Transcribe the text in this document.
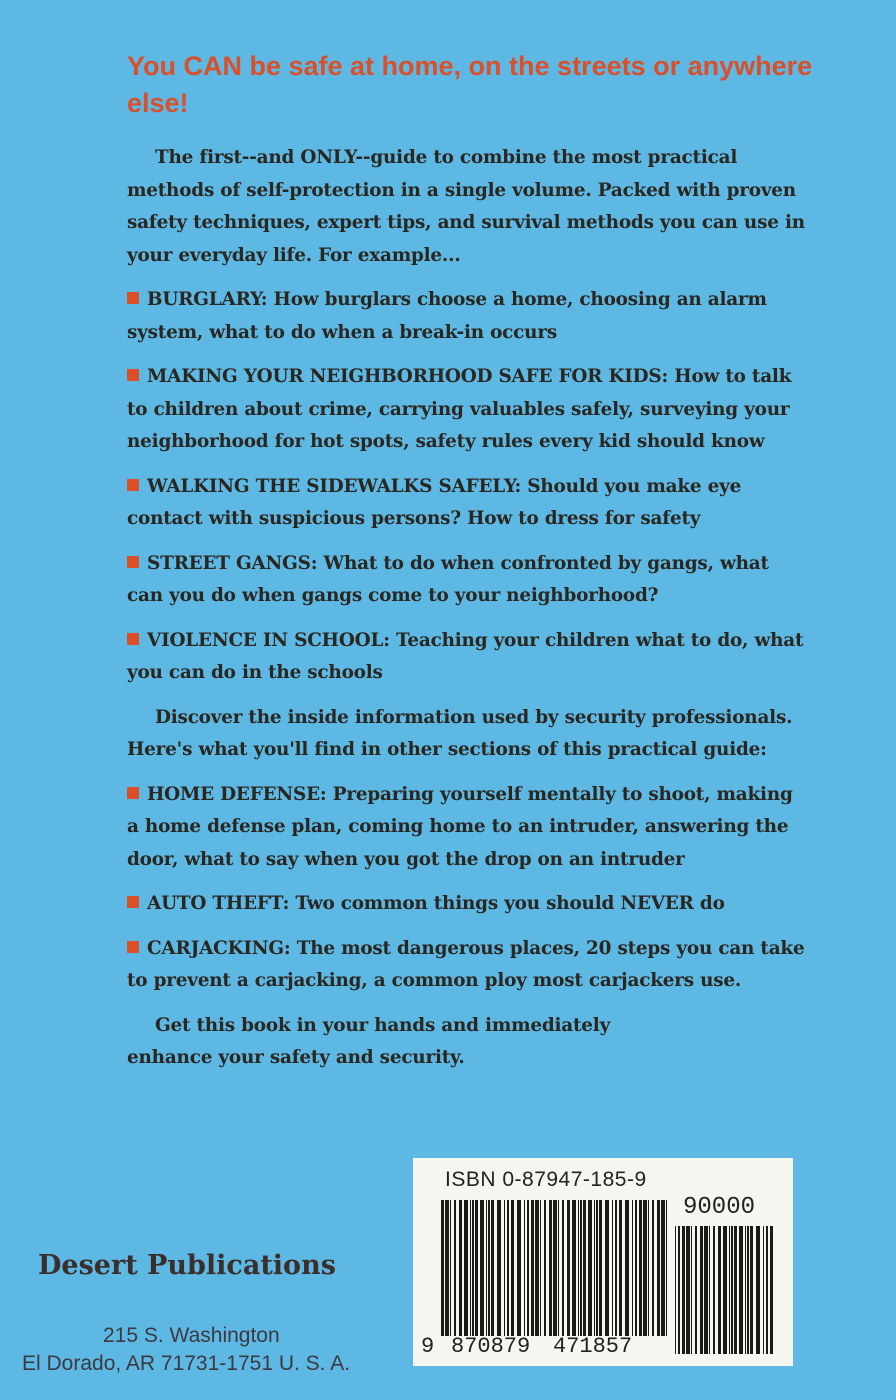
You CAN be safe at home, on the streets or anywhere else!

The first--and ONLY--guide to combine the most practical methods of self-protection in a single volume. Packed with proven safety techniques, expert tips, and survival methods you can use in your everyday life. For example...

BURGLARY: How burglars choose a home, choosing an alarm system, what to do when a break-in occurs
MAKING YOUR NEIGHBORHOOD SAFE FOR KIDS: How to talk to children about crime, carrying valuables safely, surveying your neighborhood for hot spots, safety rules every kid should know
WALKING THE SIDEWALKS SAFELY: Should you make eye contact with suspicious persons? How to dress for safety
STREET GANGS: What to do when confronted by gangs, what can you do when gangs come to your neighborhood?
VIOLENCE IN SCHOOL: Teaching your children what to do, what you can do in the schools

Discover the inside information used by security professionals. Here's what you'll find in other sections of this practical guide:

HOME DEFENSE: Preparing yourself mentally to shoot, making a home defense plan, coming home to an intruder, answering the door, what to say when you got the drop on an intruder
AUTO THEFT: Two common things you should NEVER do
CARJACKING: The most dangerous places, 20 steps you can take to prevent a carjacking, a common ploy most carjackers use.

Get this book in your hands and immediately enhance your safety and security.

Desert Publications
215 S. Washington
El Dorado, AR 71731-1751 U. S. A.
ISBN 0-87947-185-9
90000
9 870879 471857
